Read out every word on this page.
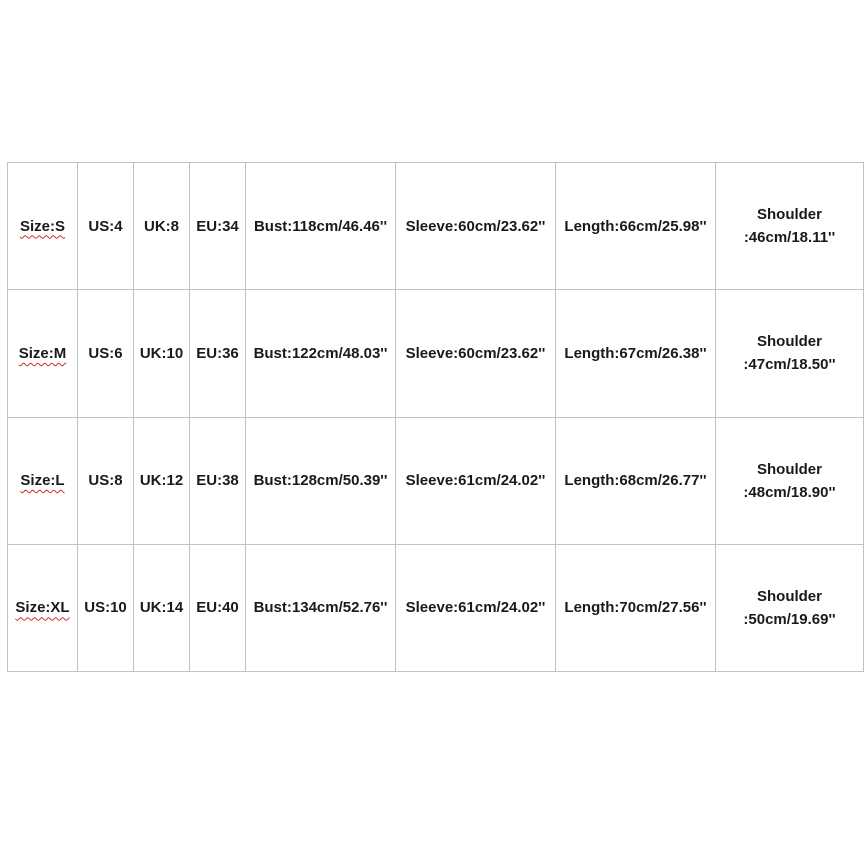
Size:S	US:4	UK:8	EU:34	Bust:118cm/46.46''	Sleeve:60cm/23.62''	Length:66cm/25.98''	Shoulder
:46cm/18.11''

Size:M	US:6	UK:10	EU:36	Bust:122cm/48.03''	Sleeve:60cm/23.62''	Length:67cm/26.38''	Shoulder
:47cm/18.50''

Size:L	US:8	UK:12	EU:38	Bust:128cm/50.39''	Sleeve:61cm/24.02''	Length:68cm/26.77''	Shoulder
:48cm/18.90''

Size:XL	US:10	UK:14	EU:40	Bust:134cm/52.76''	Sleeve:61cm/24.02''	Length:70cm/27.56''	Shoulder
:50cm/19.69''
